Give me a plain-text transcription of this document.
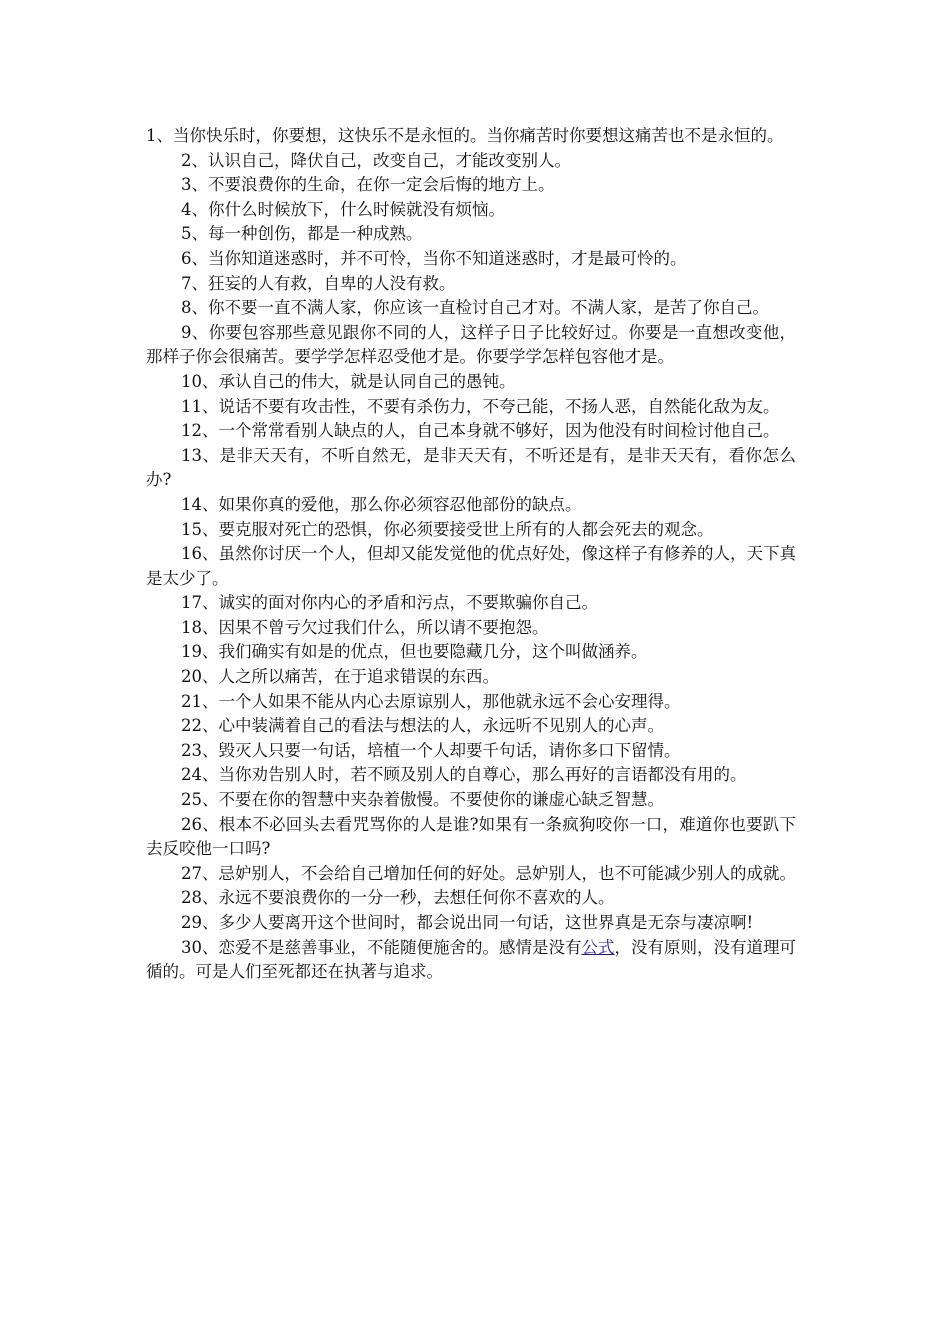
1、当你快乐时，你要想，这快乐不是永恒的。当你痛苦时你要想这痛苦也不是永恒的。

2、认识自己，降伏自己，改变自己，才能改变别人。

3、不要浪费你的生命，在你一定会后悔的地方上。

4、你什么时候放下，什么时候就没有烦恼。

5、每一种创伤，都是一种成熟。

6、当你知道迷惑时，并不可怜，当你不知道迷惑时，才是最可怜的。

7、狂妄的人有救，自卑的人没有救。

8、你不要一直不满人家，你应该一直检讨自己才对。不满人家，是苦了你自己。

9、你要包容那些意见跟你不同的人，这样子日子比较好过。你要是一直想改变他，那样子你会很痛苦。要学学怎样忍受他才是。你要学学怎样包容他才是。

10、承认自己的伟大，就是认同自己的愚钝。

11、说话不要有攻击性，不要有杀伤力，不夸己能，不扬人恶，自然能化敌为友。

12、一个常常看别人缺点的人，自己本身就不够好，因为他没有时间检讨他自己。

13、是非天天有，不听自然无，是非天天有，不听还是有，是非天天有，看你怎么办?

14、如果你真的爱他，那么你必须容忍他部份的缺点。

15、要克服对死亡的恐惧，你必须要接受世上所有的人都会死去的观念。

16、虽然你讨厌一个人，但却又能发觉他的优点好处，像这样子有修养的人，天下真是太少了。

17、诚实的面对你内心的矛盾和污点，不要欺骗你自己。

18、因果不曾亏欠过我们什么，所以请不要抱怨。

19、我们确实有如是的优点，但也要隐藏几分，这个叫做涵养。

20、人之所以痛苦，在于追求错误的东西。

21、一个人如果不能从内心去原谅别人，那他就永远不会心安理得。

22、心中装满着自己的看法与想法的人，永远听不见别人的心声。

23、毁灭人只要一句话，培植一个人却要千句话，请你多口下留情。

24、当你劝告别人时，若不顾及别人的自尊心，那么再好的言语都没有用的。

25、不要在你的智慧中夹杂着傲慢。不要使你的谦虚心缺乏智慧。

26、根本不必回头去看咒骂你的人是谁?如果有一条疯狗咬你一口，难道你也要趴下去反咬他一口吗?

27、忌妒别人，不会给自己增加任何的好处。忌妒别人，也不可能减少别人的成就。

28、永远不要浪费你的一分一秒，去想任何你不喜欢的人。

29、多少人要离开这个世间时，都会说出同一句话，这世界真是无奈与凄凉啊!

30、恋爱不是慈善事业，不能随便施舍的。感情是没有公式，没有原则，没有道理可循的。可是人们至死都还在执著与追求。
